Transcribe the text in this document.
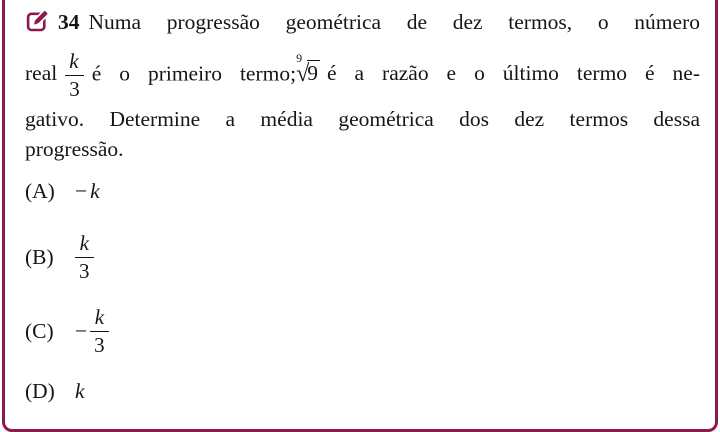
34 Numa progressão geométrica de dez termos, o número
real $\frac{k}{3}$ é o primeiro termo;$^9$√9 é a razão e o último termo é ne-
gativo. Determine a média geométrica dos dez termos dessa
progressão.
(A) − k
(B)	$\frac{k}{3}$
$(C) - \frac{k}{3}$
(D) k
